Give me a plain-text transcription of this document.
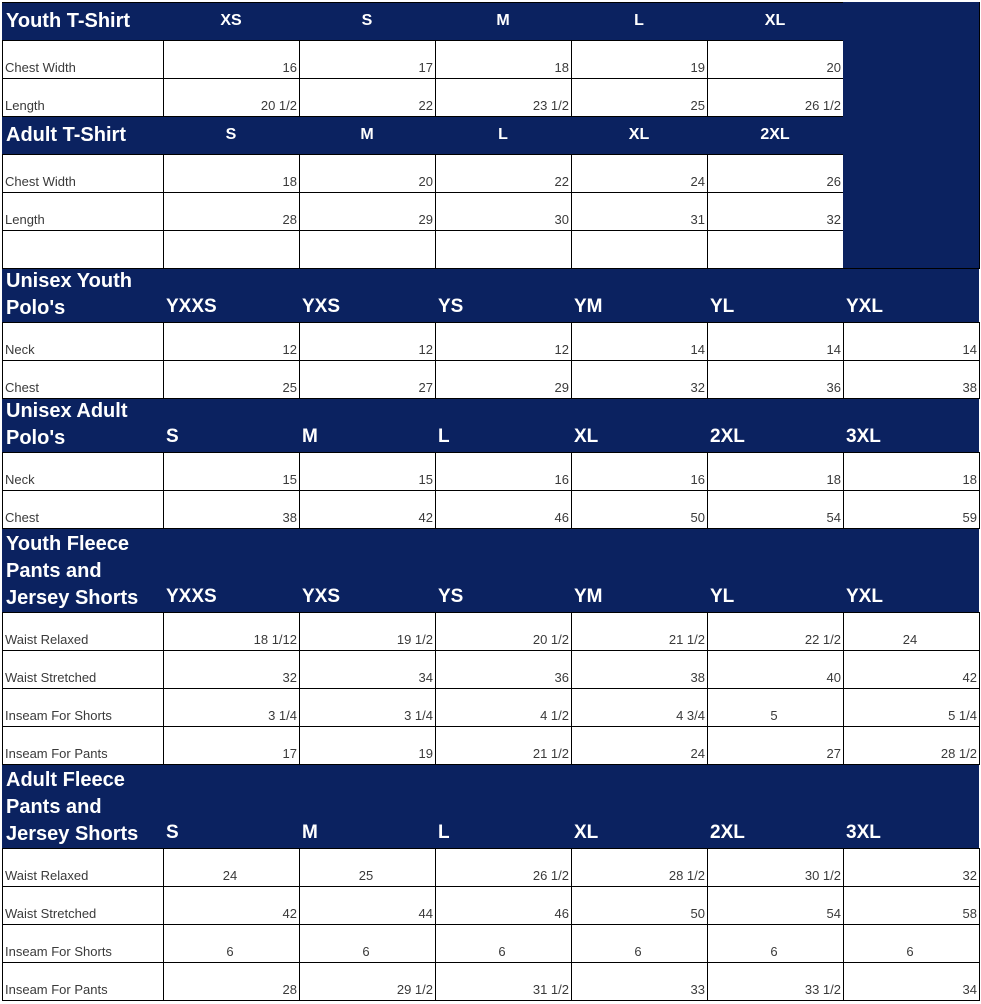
Youth T-Shirt	XS	S	M	L	XL
Chest Width	16	17	18	19	20
Length	20 1/2	22	23 1/2	25	26 1/2
Adult T-Shirt	S	M	L	XL	2XL
Chest Width	18	20	22	24	26
Length	28	29	30	31	32
Unisex Youth Polo's	YXXS	YXS	YS	YM	YL	YXL
Neck	12	12	12	14	14	14
Chest	25	27	29	32	36	38
Unisex Adult Polo's	S	M	L	XL	2XL	3XL
Neck	15	15	16	16	18	18
Chest	38	42	46	50	54	59
Youth Fleece Pants and Jersey Shorts	YXXS	YXS	YS	YM	YL	YXL
Waist Relaxed	18 1/12	19 1/2	20 1/2	21 1/2	22 1/2	24
Waist Stretched	32	34	36	38	40	42
Inseam For Shorts	3 1/4	3 1/4	4 1/2	4 3/4	5	5 1/4
Inseam For Pants	17	19	21 1/2	24	27	28 1/2
Adult Fleece Pants and Jersey Shorts	S	M	L	XL	2XL	3XL
Waist Relaxed	24	25	26 1/2	28 1/2	30 1/2	32
Waist Stretched	42	44	46	50	54	58
Inseam For Shorts	6	6	6	6	6	6
Inseam For Pants	28	29 1/2	31 1/2	33	33 1/2	34
